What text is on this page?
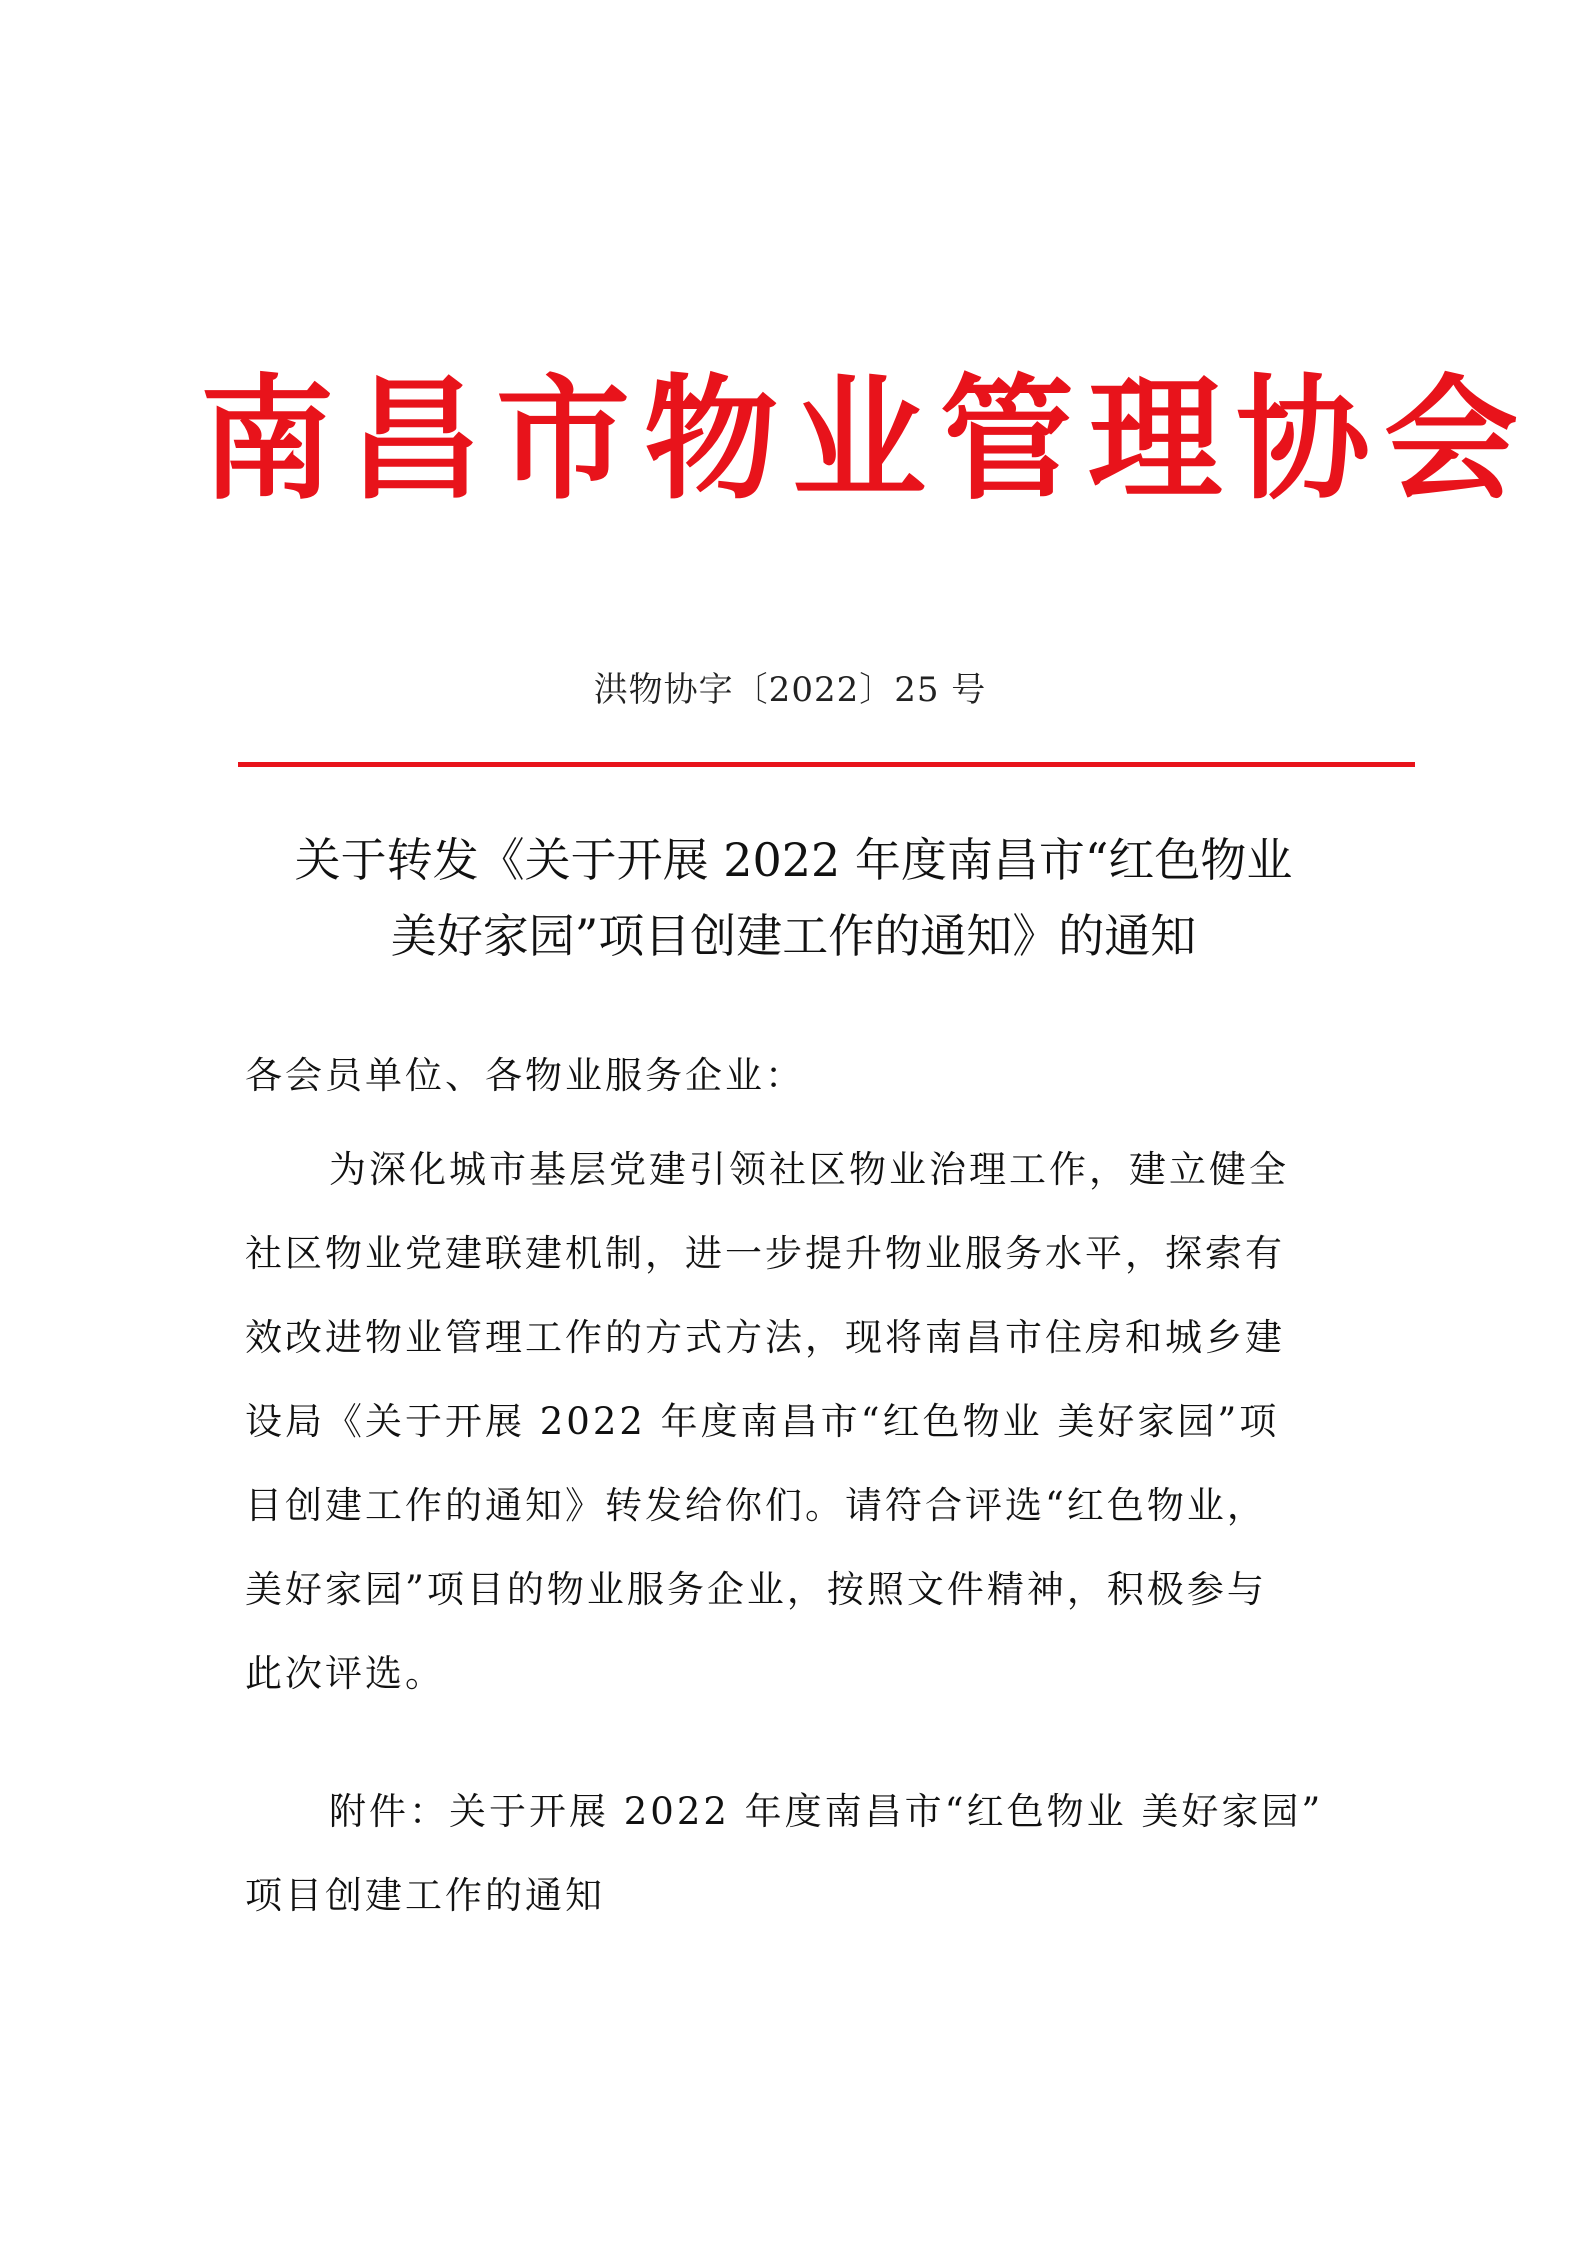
南昌市物业管理协会
洪物协字〔2022〕25 号
关于转发《关于开展 2022 年度南昌市“红色物业
美好家园”项目创建工作的通知》的通知
各会员单位、各物业服务企业：
为深化城市基层党建引领社区物业治理工作，建立健全
社区物业党建联建机制，进一步提升物业服务水平，探索有
效改进物业管理工作的方式方法，现将南昌市住房和城乡建
设局《关于开展 2022 年度南昌市“红色物业 美好家园”项
目创建工作的通知》转发给你们。请符合评选“红色物业，
美好家园”项目的物业服务企业，按照文件精神，积极参与
此次评选。
附件：关于开展 2022 年度南昌市“红色物业 美好家园”
项目创建工作的通知
